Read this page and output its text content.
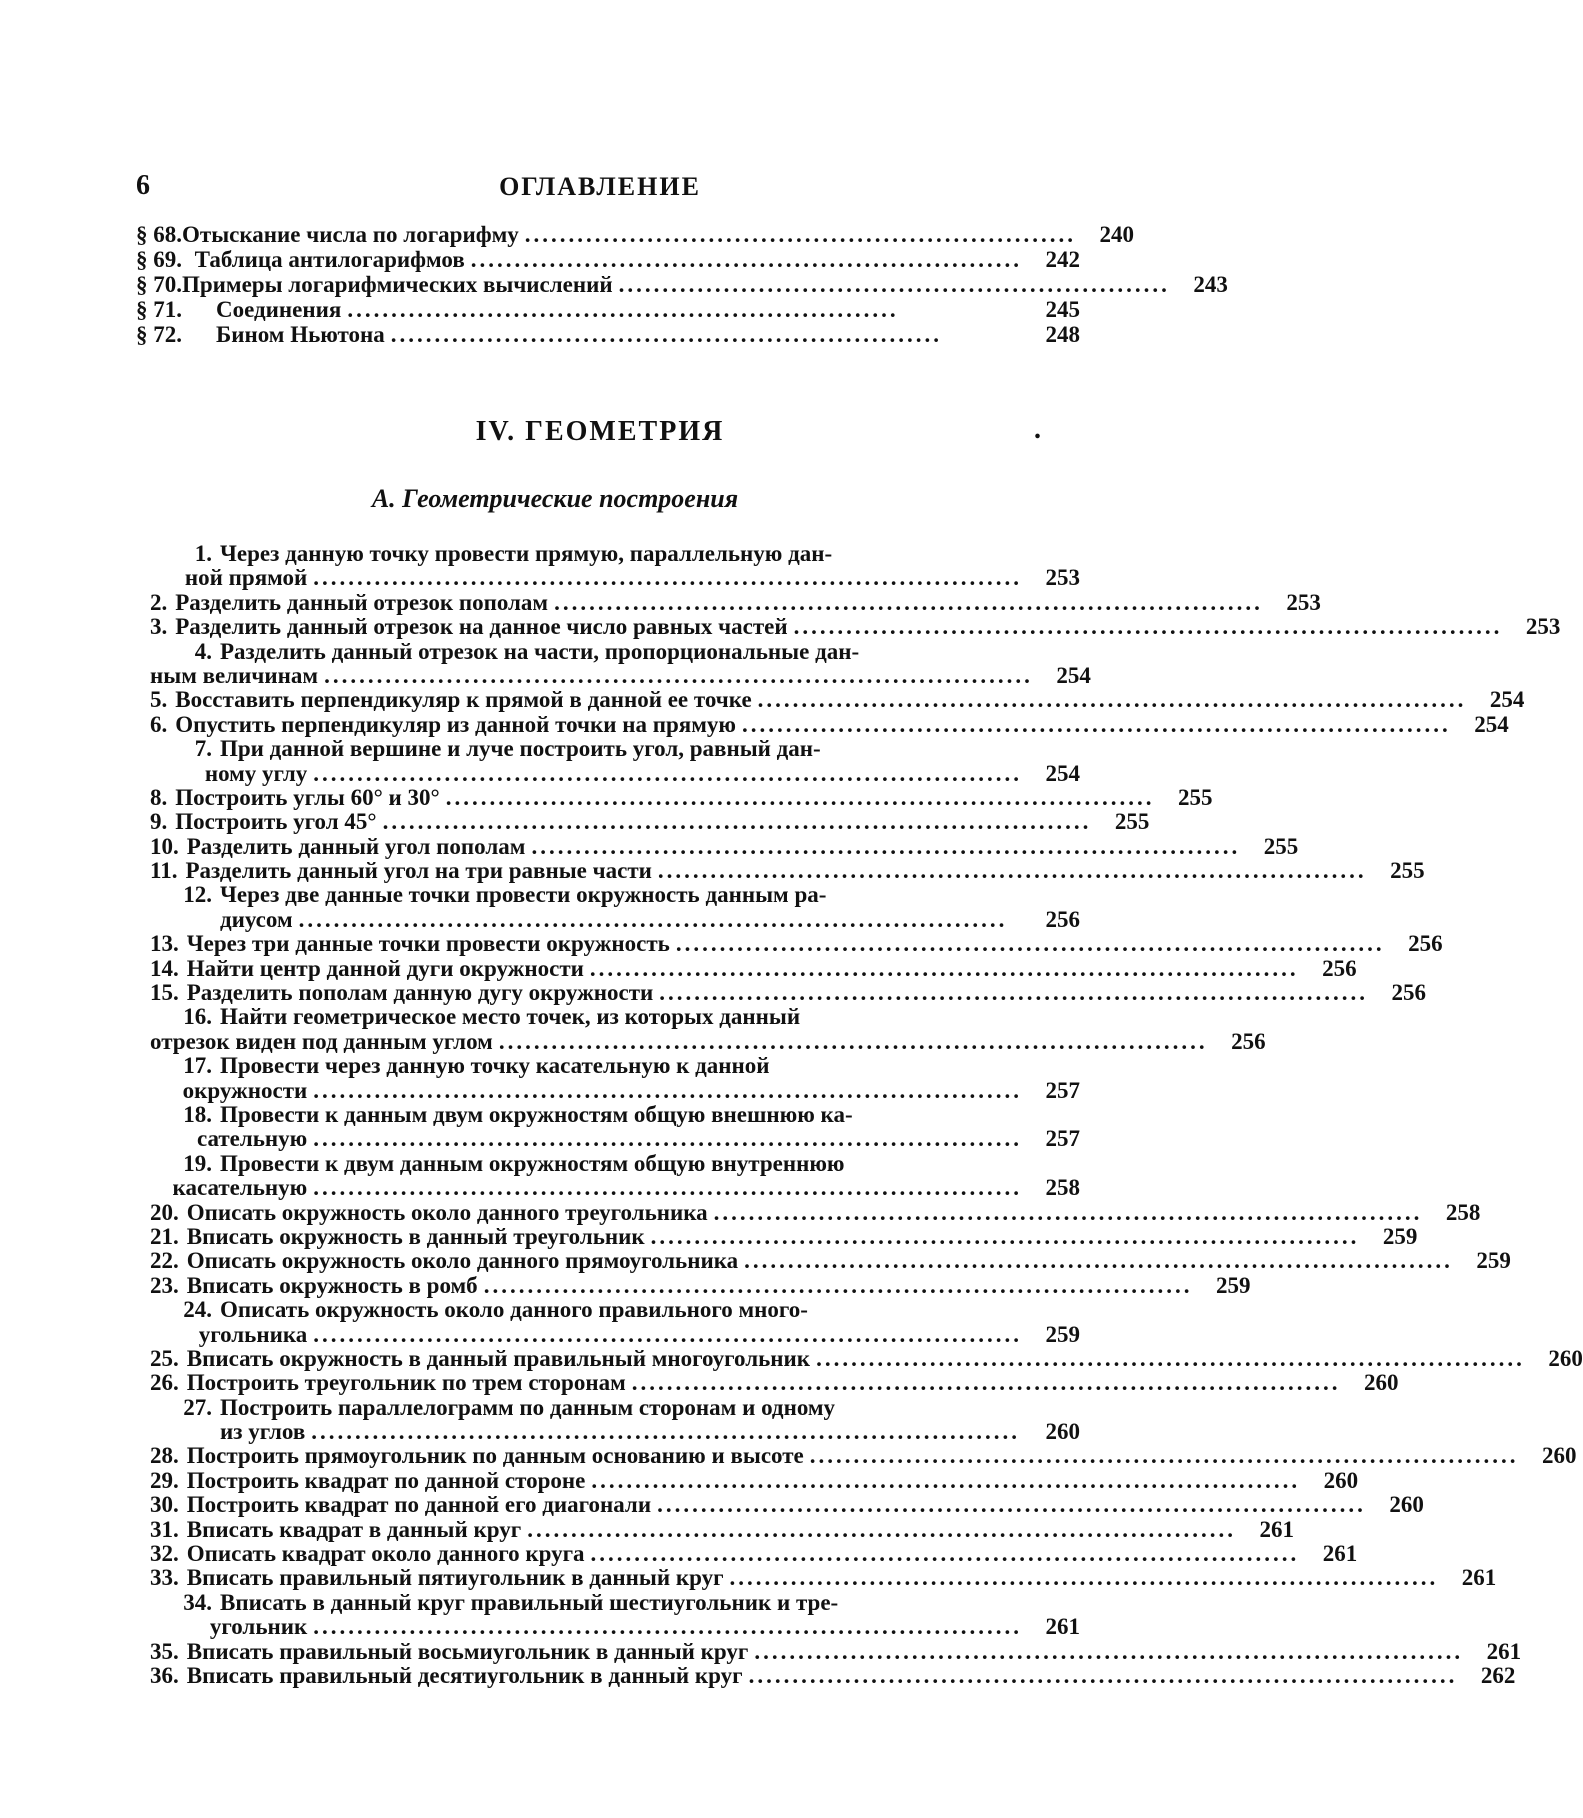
6	ОГЛАВЛЕНИЕ
§ 68. Отыскание числа по логарифму ...............................................................	240
§ 69. Таблица антилогарифмов ...............................................................	242
§ 70. Примеры логарифмических вычислений ...............................................................	243
§ 71.	Соединения ...............................................................	245
§ 72.	Бином Ньютона ...............................................................	248
IV. ГЕОМЕТРИЯ	.
А. Геометрические построения
1. Через данную точку провести прямую, параллельную дан-
ной прямой .................................................................................	253
2. Разделить данный отрезок пополам .................................................................................	253
3. Разделить данный отрезок на данное число равных частей .................................................................................	253
4. Разделить данный отрезок на части, пропорциональные дан-
ным величинам .................................................................................	254
5. Восставить перпендикуляр к прямой в данной ее точке .................................................................................	254
6. Опустить перпендикуляр из данной точки на прямую .................................................................................	254
7. При данной вершине и луче построить угол, равный дан-
ному углу .................................................................................	254
8. Построить углы 60° и 30° .................................................................................	255
9. Построить угол 45° .................................................................................	255
10. Разделить данный угол пополам .................................................................................	255
11. Разделить данный угол на три равные части .................................................................................	255
12. Через две данные точки провести окружность данным ра-
диусом .................................................................................	256
13. Через три данные точки провести окружность .................................................................................	256
14. Найти центр данной дуги окружности .................................................................................	256
15. Разделить пополам данную дугу окружности .................................................................................	256
16. Найти геометрическое место точек, из которых данный
отрезок виден под данным углом .................................................................................	256
17. Провести через данную точку касательную к данной
окружности .................................................................................	257
18. Провести к данным двум окружностям общую внешнюю ка-
сательную .................................................................................	257
19. Провести к двум данным окружностям общую внутреннюю
касательную .................................................................................	258
20. Описать окружность около данного треугольника .................................................................................	258
21. Вписать окружность в данный треугольник .................................................................................	259
22. Описать окружность около данного прямоугольника .................................................................................	259
23. Вписать окружность в ромб .................................................................................	259
24. Описать окружность около данного правильного много-
угольника .................................................................................	259
25. Вписать окружность в данный правильный многоугольник .................................................................................	260
26. Построить треугольник по трем сторонам .................................................................................	260
27. Построить параллелограмм по данным сторонам и одному
из углов .................................................................................	260
28. Построить прямоугольник по данным основанию и высоте .................................................................................	260
29. Построить квадрат по данной стороне .................................................................................	260
30. Построить квадрат по данной его диагонали .................................................................................	260
31. Вписать квадрат в данный круг .................................................................................	261
32. Описать квадрат около данного круга .................................................................................	261
33. Вписать правильный пятиугольник в данный круг .................................................................................	261
34. Вписать в данный круг правильный шестиугольник и тре-
угольник .................................................................................	261
35. Вписать правильный восьмиугольник в данный круг .................................................................................	261
36. Вписать правильный десятиугольник в данный круг .................................................................................	262
